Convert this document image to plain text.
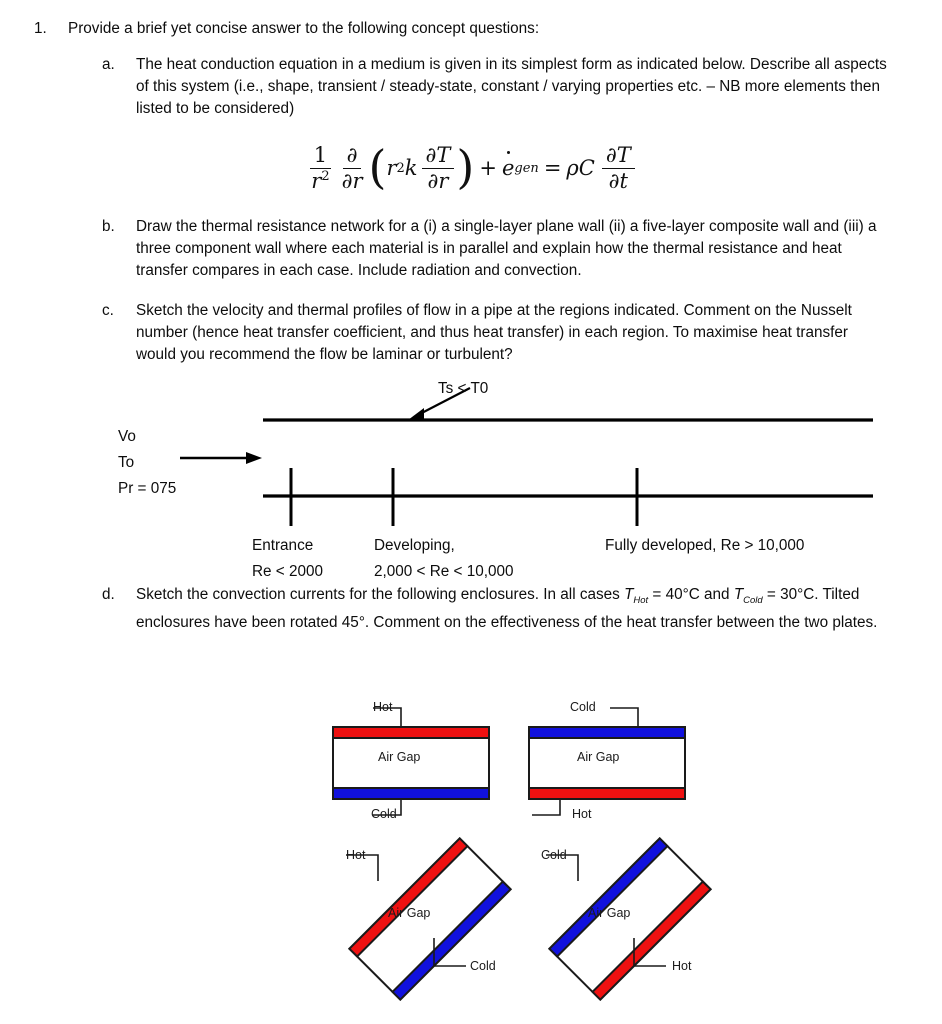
1.	Provide a brief yet concise answer to the following concept questions:
a.	The heat conduction equation in a medium is given in its simplest form as indicated below. Describe all aspects of this system (i.e., shape, transient / steady-state, constant / varying properties etc. – NB more elements then listed to be considered)
b.	Draw the thermal resistance network for a (i) a single-layer plane wall (ii) a five-layer composite wall and (iii) a three component wall where each material is in parallel and explain how the thermal resistance and heat transfer compares in each case. Include radiation and convection.
c.	Sketch the velocity and thermal profiles of flow in a pipe at the regions indicated. Comment on the Nusselt number (hence heat transfer coefficient, and thus heat transfer) in each region. To maximise heat transfer would you recommend the flow be laminar or turbulent?
d.	Sketch the convection currents for the following enclosures. In all cases $T_{Hot} = 40^\circ C$ and $T_{Cold} = 30^\circ C$. Tilted enclosures have been rotated 45°. Comment on the effectiveness of the heat transfer between the two plates.
$\frac{1}{r^2} \frac{\partial}{\partial r}$ ( r 2 k $\frac{\partial T}{\partial r}$ ) + e gen = ρC $\frac{\partial T}{\partial t}$
Ts < T0
Vo
To
Pr = 075
Entrance
Re < 2000
Developing,
2,000 < Re < 10,000
Fully developed, Re > 10,000
Hot
Cold
Air Gap
Cold
Hot
Air Gap
Hot
Cold
Air Gap
Cold
Hot
Air Gap
